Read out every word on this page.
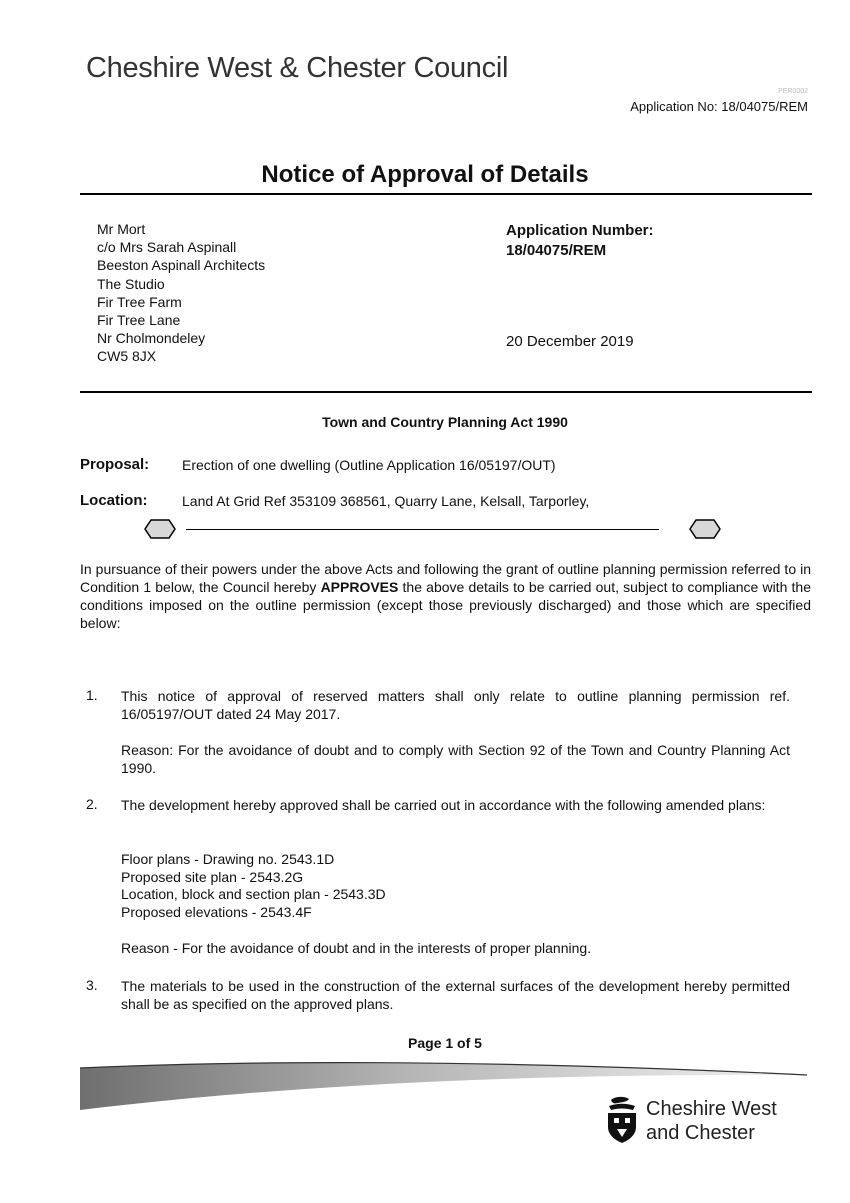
Cheshire West & Chester Council
PER0002
Application No: 18/04075/REM
Notice of Approval of Details
Mr Mort
c/o Mrs Sarah Aspinall
Beeston Aspinall Architects
The Studio
Fir Tree Farm
Fir Tree Lane
Nr Cholmondeley
CW5 8JX
Application Number:
18/04075/REM
20 December 2019
Town and Country Planning Act 1990
Proposal: Erection of one dwelling (Outline Application 16/05197/OUT)
Location: Land At Grid Ref 353109 368561, Quarry Lane, Kelsall, Tarporley,
In pursuance of their powers under the above Acts and following the grant of outline planning permission referred to in Condition 1 below, the Council hereby APPROVES the above details to be carried out, subject to compliance with the conditions imposed on the outline permission (except those previously discharged) and those which are specified below:
1. This notice of approval of reserved matters shall only relate to outline planning permission ref. 16/05197/OUT dated 24 May 2017.
Reason: For the avoidance of doubt and to comply with Section 92 of the Town and Country Planning Act 1990.
2. The development hereby approved shall be carried out in accordance with the following amended plans:
Floor plans - Drawing no. 2543.1D
Proposed site plan - 2543.2G
Location, block and section plan - 2543.3D
Proposed elevations - 2543.4F
Reason - For the avoidance of doubt and in the interests of proper planning.
3. The materials to be used in the construction of the external surfaces of the development hereby permitted shall be as specified on the approved plans.
Page 1 of 5
Cheshire West
and Chester
